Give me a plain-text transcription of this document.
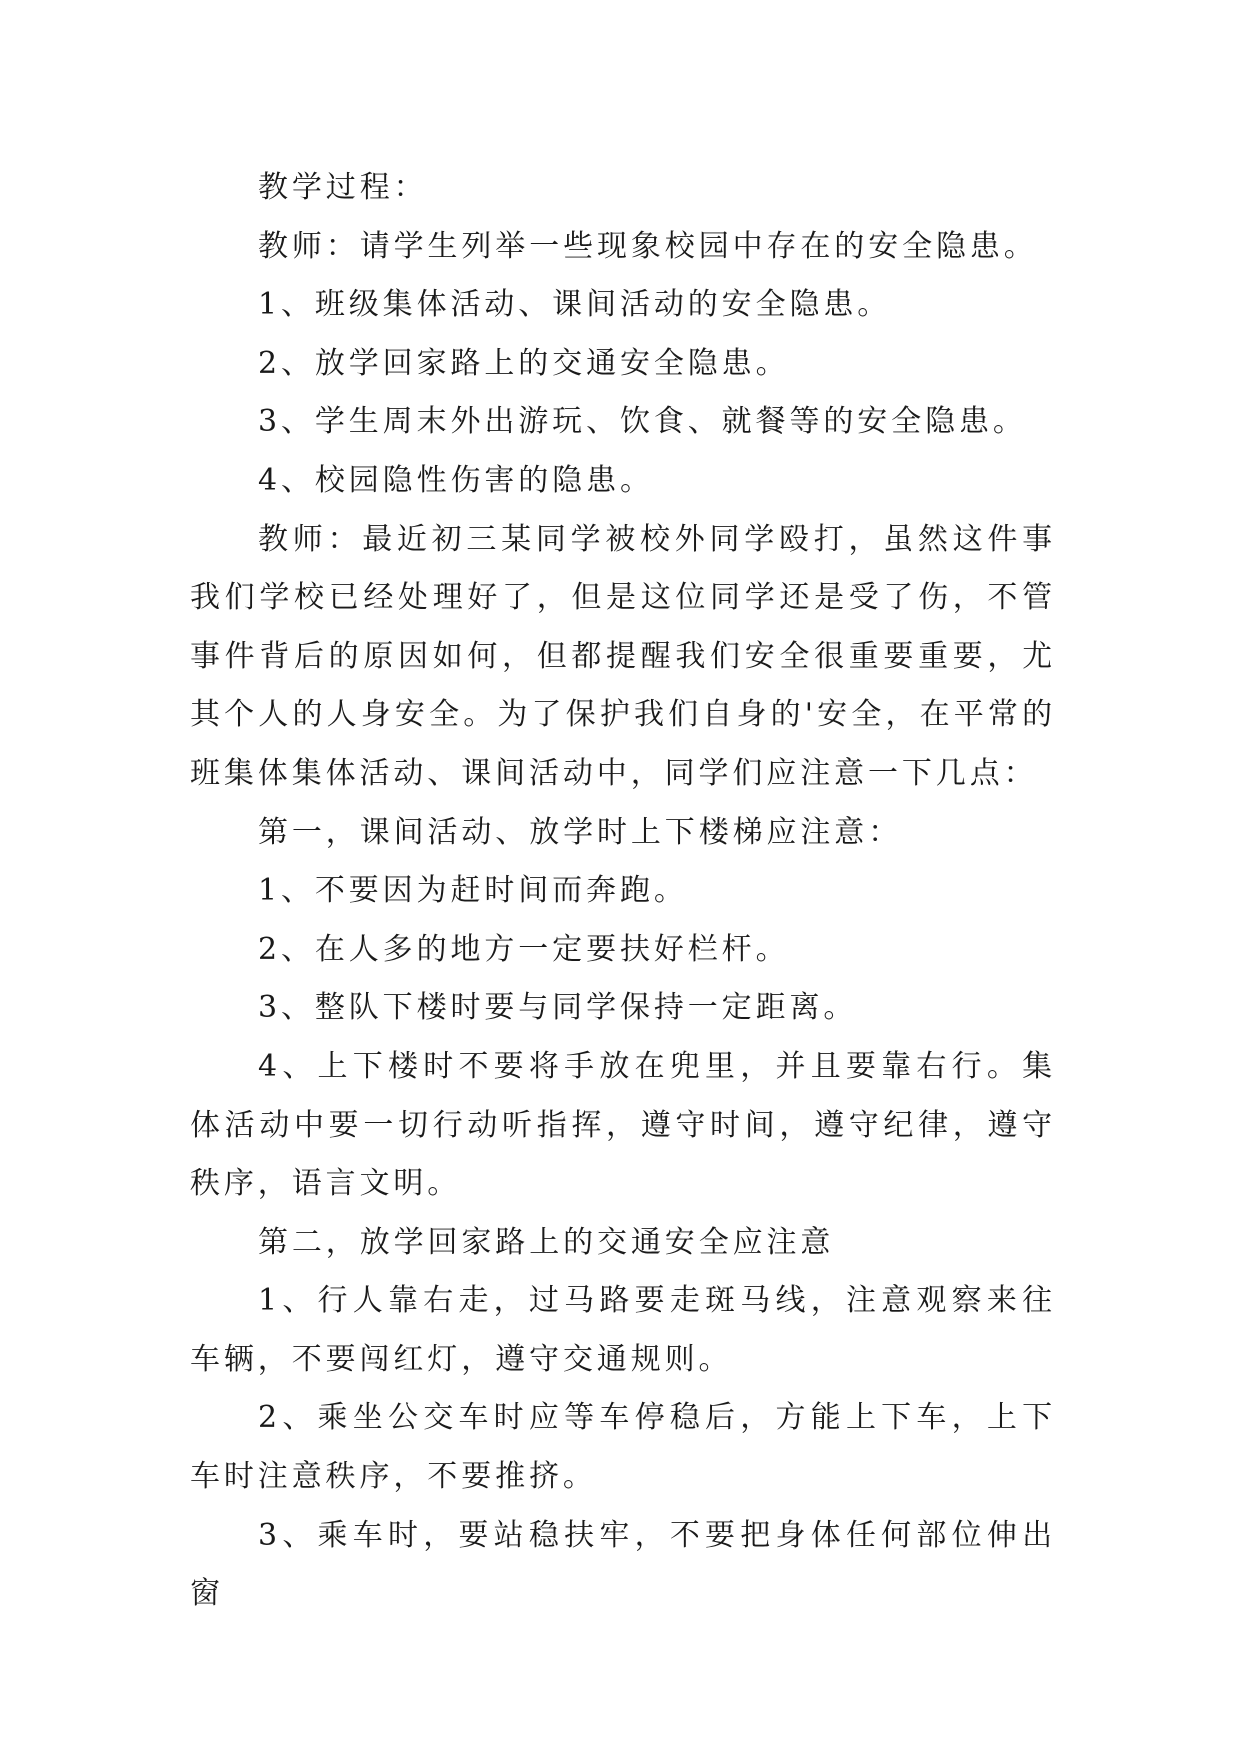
教学过程：

教师：请学生列举一些现象校园中存在的安全隐患。

1、班级集体活动、课间活动的安全隐患。

2、放学回家路上的交通安全隐患。

3、学生周末外出游玩、饮食、就餐等的安全隐患。

4、校园隐性伤害的隐患。

教师：最近初三某同学被校外同学殴打，虽然这件事我们学校已经处理好了，但是这位同学还是受了伤，不管事件背后的原因如何，但都提醒我们安全很重要重要，尤其个人的人身安全。为了保护我们自身的'安全，在平常的班集体集体活动、课间活动中，同学们应注意一下几点：

第一，课间活动、放学时上下楼梯应注意：

1、不要因为赶时间而奔跑。

2、在人多的地方一定要扶好栏杆。

3、整队下楼时要与同学保持一定距离。

4、上下楼时不要将手放在兜里，并且要靠右行。集体活动中要一切行动听指挥，遵守时间，遵守纪律，遵守秩序，语言文明。

第二，放学回家路上的交通安全应注意

1、行人靠右走，过马路要走斑马线，注意观察来往车辆，不要闯红灯，遵守交通规则。

2、乘坐公交车时应等车停稳后，方能上下车，上下车时注意秩序，不要推挤。

3、乘车时，要站稳扶牢，不要把身体任何部位伸出窗
